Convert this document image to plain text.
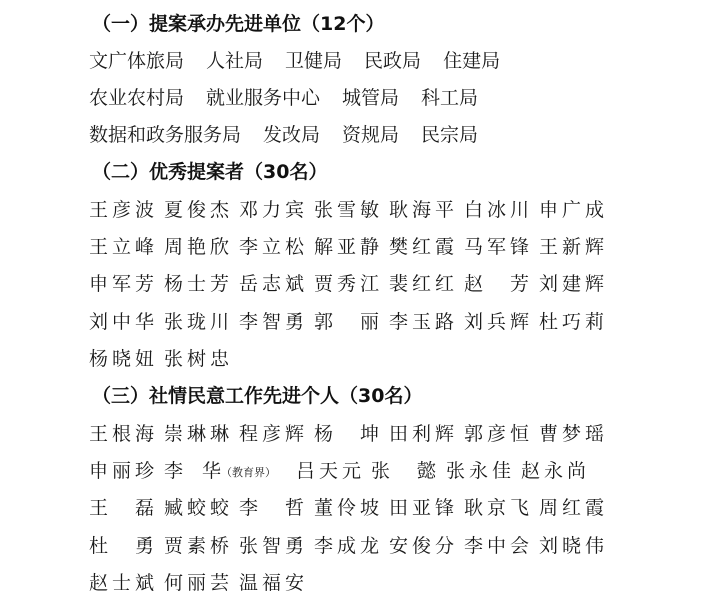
（一）提案承办先进单位（12个）
文广体旅局 人社局 卫健局 民政局 住建局
农业农村局 就业服务中心 城管局 科工局
数据和政务服务局 发改局 资规局 民宗局
（二）优秀提案者（30名）
王彦波 夏俊杰 邓力宾 张雪敏 耿海平 白冰川 申广成
王立峰 周艳欣 李立松 解亚静 樊红霞 马军锋 王新辉
申军芳 杨士芳 岳志斌 贾秀江 裴红红 赵芳 刘建辉
刘中华 张珑川 李智勇 郭丽 李玉路 刘兵辉 杜巧莉
杨晓妞 张树忠
（三）社情民意工作先进个人（30名）
王根海 崇琳琳 程彦辉 杨坤 田利辉 郭彦恒 曹梦瑶
申丽珍 李华（教育界） 吕天元 张懿 张永佳 赵永尚
王磊 臧蛟蛟 李哲 董伶坡 田亚锋 耿京飞 周红霞
杜勇 贾素桥 张智勇 李成龙 安俊分 李中会 刘晓伟
赵士斌 何丽芸 温福安
